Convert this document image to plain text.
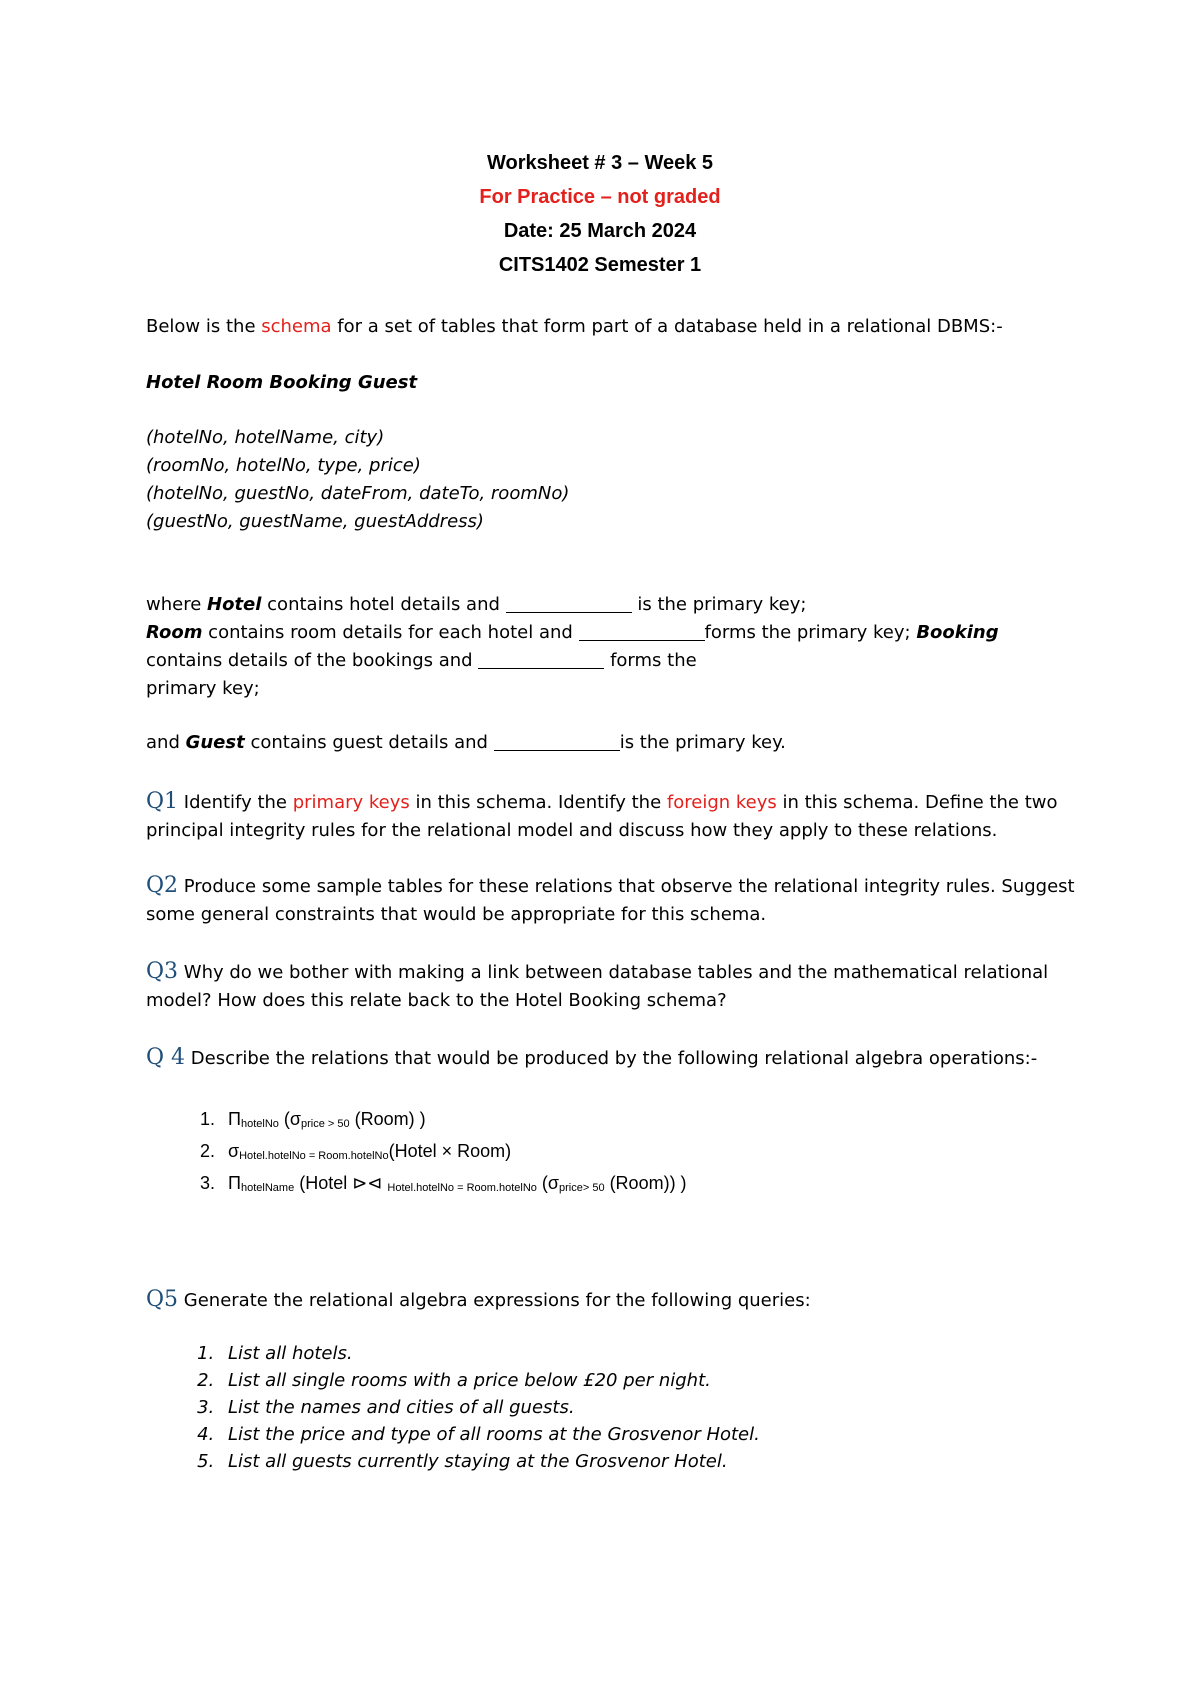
Worksheet # 3 – Week 5
For Practice – not graded
Date: 25 March 2024
CITS1402 Semester 1

Below is the schema for a set of tables that form part of a database held in a relational DBMS:-

Hotel Room Booking Guest

(hotelNo, hotelName, city)

(roomNo, hotelNo, type, price)

(hotelNo, guestNo, dateFrom, dateTo, roomNo)

(guestNo, guestName, guestAddress)

where Hotel contains hotel details and	is the primary key;

Room contains room details for each hotel and	forms the primary key; Booking

contains details of the bookings and	forms the

primary key;

and Guest contains guest details and	is the primary key.

Q1 Identify the primary keys in this schema. Identify the foreign keys in this schema. Define the two principal integrity rules for the relational model and discuss how they apply to these relations.

Q2 Produce some sample tables for these relations that observe the relational integrity rules. Suggest some general constraints that would be appropriate for this schema.

Q3 Why do we bother with making a link between database tables and the mathematical relational model? How does this relate back to the Hotel Booking schema?

Q 4 Describe the relations that would be produced by the following relational algebra operations:-

1. $\Pi_{hotelNo}$ ($\sigma_{price > 50}$ (Room) )
2. $\sigma_{Hotel.hotelNo = Room.hotelNo}(Hotel$ × Room)
3. $\Pi_{hotelName}$ (Hotel ⊳⊲ $_{Hotel.hotelNo = Room.hotelNo}$ ($\sigma_{price> 50}$ (Room)) )

Q5 Generate the relational algebra expressions for the following queries:

1. List all hotels.
2. List all single rooms with a price below £20 per night.
3. List the names and cities of all guests.
4. List the price and type of all rooms at the Grosvenor Hotel.
5. List all guests currently staying at the Grosvenor Hotel.
